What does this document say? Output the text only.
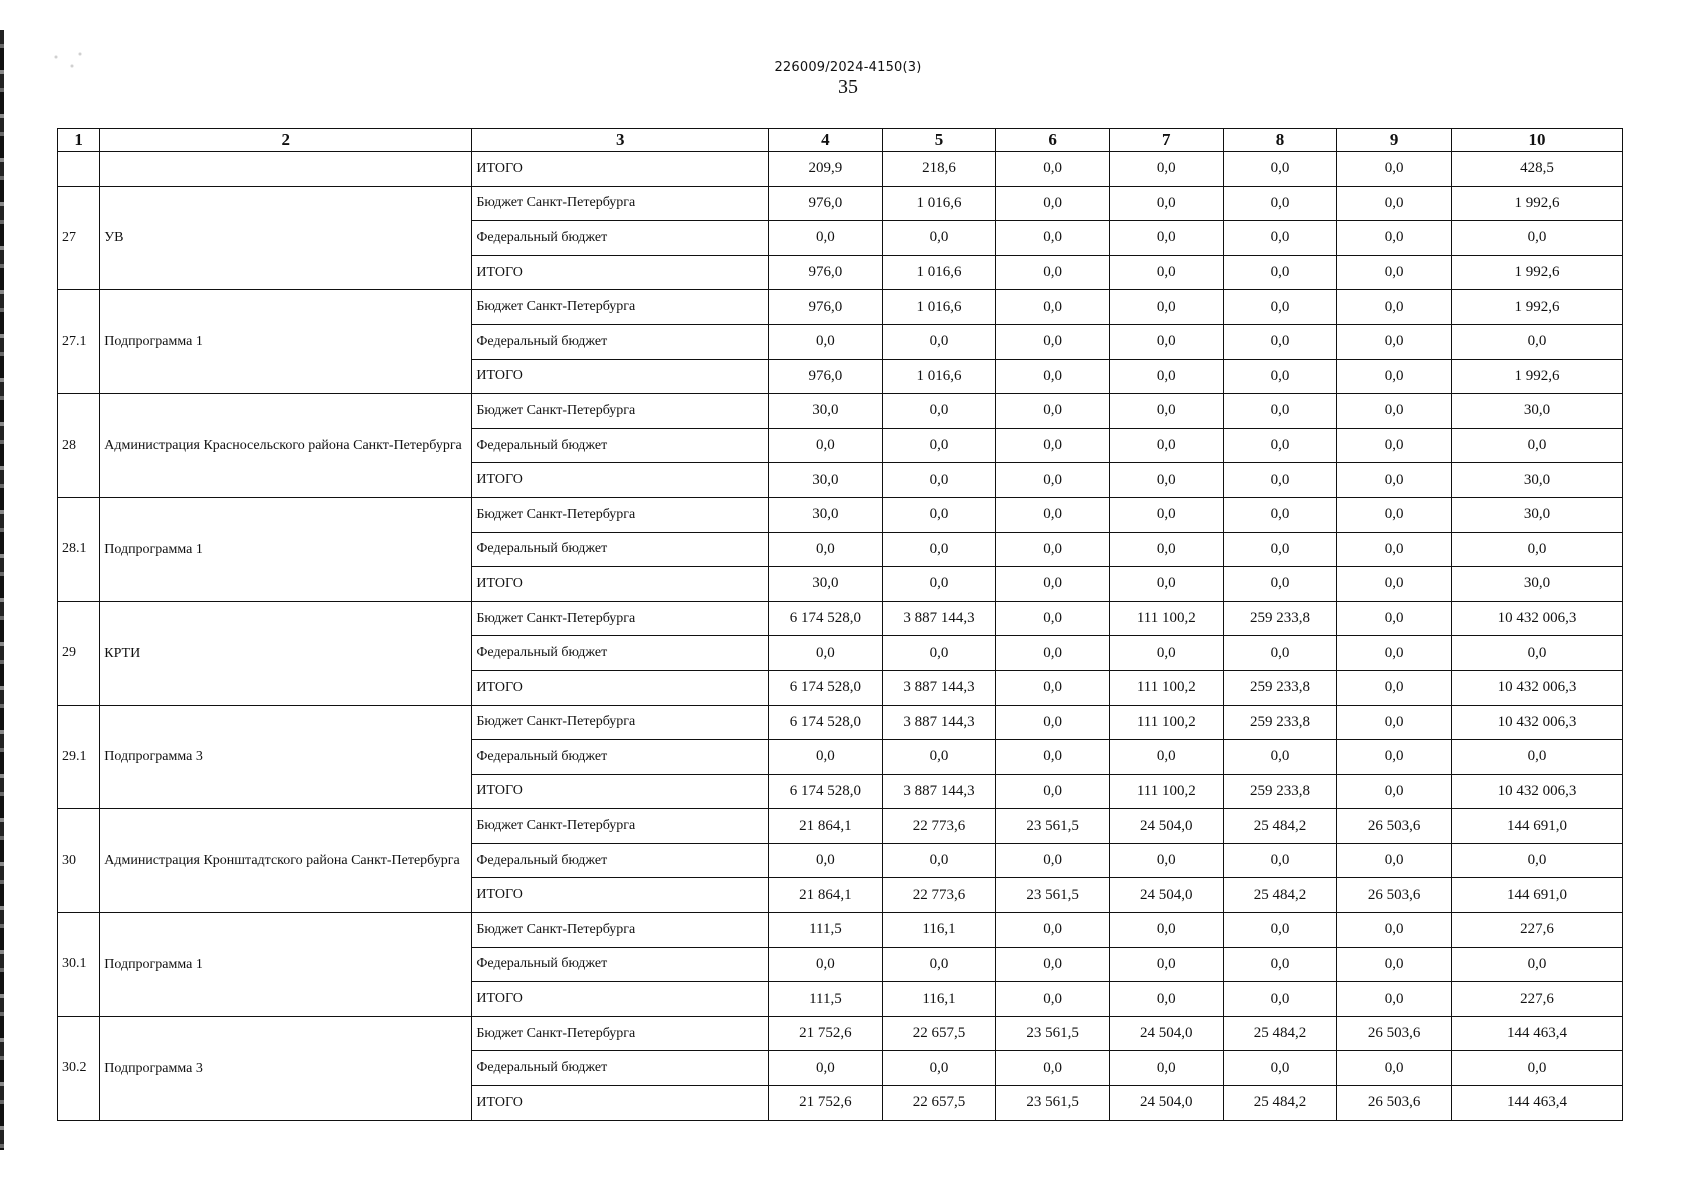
226009/2024-4150(3)
35
1	2	3	4	5	6	7	8	9	10
		ИТОГО	209,9	218,6	0,0	0,0	0,0	0,0	428,5
27	УВ	Бюджет Санкт-Петербурга	976,0	1 016,6	0,0	0,0	0,0	0,0	1 992,6
		Федеральный бюджет	0,0	0,0	0,0	0,0	0,0	0,0	0,0
		ИТОГО	976,0	1 016,6	0,0	0,0	0,0	0,0	1 992,6
27.1	Подпрограмма 1	Бюджет Санкт-Петербурга	976,0	1 016,6	0,0	0,0	0,0	0,0	1 992,6
		Федеральный бюджет	0,0	0,0	0,0	0,0	0,0	0,0	0,0
		ИТОГО	976,0	1 016,6	0,0	0,0	0,0	0,0	1 992,6
28	Администрация Красносельского района Санкт-Петербурга	Бюджет Санкт-Петербурга	30,0	0,0	0,0	0,0	0,0	0,0	30,0
		Федеральный бюджет	0,0	0,0	0,0	0,0	0,0	0,0	0,0
		ИТОГО	30,0	0,0	0,0	0,0	0,0	0,0	30,0
28.1	Подпрограмма 1	Бюджет Санкт-Петербурга	30,0	0,0	0,0	0,0	0,0	0,0	30,0
		Федеральный бюджет	0,0	0,0	0,0	0,0	0,0	0,0	0,0
		ИТОГО	30,0	0,0	0,0	0,0	0,0	0,0	30,0
29	КРТИ	Бюджет Санкт-Петербурга	6 174 528,0	3 887 144,3	0,0	111 100,2	259 233,8	0,0	10 432 006,3
		Федеральный бюджет	0,0	0,0	0,0	0,0	0,0	0,0	0,0
		ИТОГО	6 174 528,0	3 887 144,3	0,0	111 100,2	259 233,8	0,0	10 432 006,3
29.1	Подпрограмма 3	Бюджет Санкт-Петербурга	6 174 528,0	3 887 144,3	0,0	111 100,2	259 233,8	0,0	10 432 006,3
		Федеральный бюджет	0,0	0,0	0,0	0,0	0,0	0,0	0,0
		ИТОГО	6 174 528,0	3 887 144,3	0,0	111 100,2	259 233,8	0,0	10 432 006,3
30	Администрация Кронштадтского района Санкт-Петербурга	Бюджет Санкт-Петербурга	21 864,1	22 773,6	23 561,5	24 504,0	25 484,2	26 503,6	144 691,0
		Федеральный бюджет	0,0	0,0	0,0	0,0	0,0	0,0	0,0
		ИТОГО	21 864,1	22 773,6	23 561,5	24 504,0	25 484,2	26 503,6	144 691,0
30.1	Подпрограмма 1	Бюджет Санкт-Петербурга	111,5	116,1	0,0	0,0	0,0	0,0	227,6
		Федеральный бюджет	0,0	0,0	0,0	0,0	0,0	0,0	0,0
		ИТОГО	111,5	116,1	0,0	0,0	0,0	0,0	227,6
30.2	Подпрограмма 3	Бюджет Санкт-Петербурга	21 752,6	22 657,5	23 561,5	24 504,0	25 484,2	26 503,6	144 463,4
		Федеральный бюджет	0,0	0,0	0,0	0,0	0,0	0,0	0,0
		ИТОГО	21 752,6	22 657,5	23 561,5	24 504,0	25 484,2	26 503,6	144 463,4
